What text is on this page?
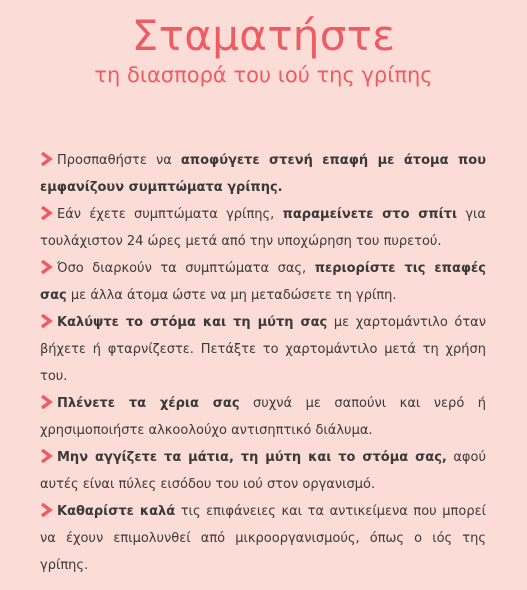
Σταματήστε
τη διασπορά του ιού της γρίπης

Προσπαθήστε να αποφύγετε στενή επαφή με άτομα που εμφανίζουν συμπτώματα γρίπης.

Εάν έχετε συμπτώματα γρίπης, παραμείνετε στο σπίτι για τουλάχιστον 24 ώρες μετά από την υποχώρηση του πυρετού.

Όσο διαρκούν τα συμπτώματα σας, περιορίστε τις επαφές σας με άλλα άτομα ώστε να μη μεταδώσετε τη γρίπη.

Καλύψτε το στόμα και τη μύτη σας με χαρτομάντιλο όταν βήχετε ή φταρνίζεστε. Πετάξτε το χαρτομάντιλο μετά τη χρήση του.

Πλένετε τα χέρια σας συχνά με σαπούνι και νερό ή χρησιμοποιήστε αλκοολούχο αντισηπτικό διάλυμα.

Μην αγγίζετε τα μάτια, τη μύτη και το στόμα σας, αφού αυτές είναι πύλες εισόδου του ιού στον οργανισμό.

Καθαρίστε καλά τις επιφάνειες και τα αντικείμενα που μπορεί να έχουν επιμολυνθεί από μικροοργανισμούς, όπως ο ιός της γρίπης.
